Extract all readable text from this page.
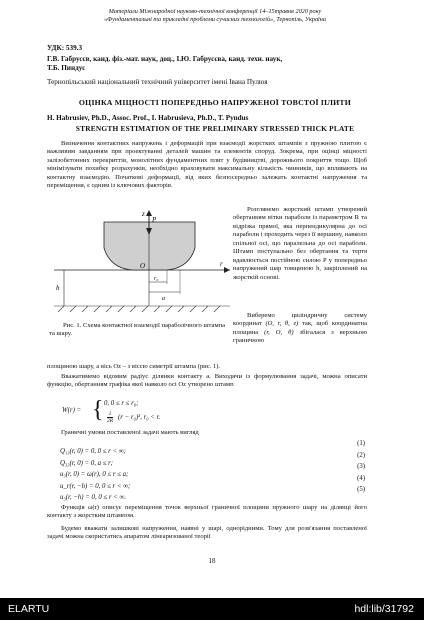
Матеріали Міжнародної науково-технічної конференції 14–15травня 2020 року
«Фундаментальні та прикладні проблеми сучасних технологій», Тернопіль, Україна
УДК: 539.3
Г.В. Габрусєв, канд. фіз.-мат. наук, доц., І.Ю. Габрусєва, канд. техн. наук,
Т.Б. Пиндус
Тернопільський національний технічний університет імені Івана Пулюя
ОЦІНКА МІЦНОСТІ ПОПЕРЕДНЬО НАПРУЖЕНОЇ ТОВСТОЇ ПЛИТИ
H. Habrusiev, Ph.D., Assoc. Prof., I. Habrusieva, Ph.D., T. Pyndus
STRENGTH ESTIMATION OF THE PRELIMINARY STRESSED THICK PLATE
Визначення контактних напружень і деформацій при взаємодії жорстких штампів з пружною плитою є важливим завданням при проектуванні деталей машин та елементів споруд. Зокрема, при оцінці міцності залізобетонних перекриттів, монолітних фундаментних плит у будівництві, дорожнього покриття тощо. Щоб мінімізувати похибку розрахунків, необхідно враховувати максимальну кількість чинників, що впливають на контактну взаємодію. Початкові деформації, від яких безпосередньо залежать контактні напруження та переміщення, є одним із ключових факторів.
P
z
O	r
h
r₀
a
Розглянемо жорсткий штамп утворений обертанням вітки параболи із параметром R та відрізка прямої, яка перпендикулярна до осі параболи і проходить через її вершину, навколо спільної осі, що паралельна до осі параболи. Штамп поступально без обертання та тертя вдавлюється постійною силою P у попередньо напружений шар товщиною h, закріплений на жорсткій основі.
Виберемо циліндричну систему координат (O, r, θ, z) так, щоб координатна площина (r, O, θ) збігалася з верхньою граничною
Рис. 1. Схема контактної взаємодії параболічного штампа та шару.
площиною шару, а вісь Oz – з віссю симетрії штампа (рис. 1).
Вважатимемо відомим радіус ділянки контакту a. Виходячи із формулювання задачі, можна описати функцію, обертанням графіка якої навколо осі Oz утворено штамп
W(r) = { 0, 0 ≤ r ≤ r₀;
$\frac{1}{2R} (r - r_0)^2$, r₀ < r.
Граничні умови поставленої задачі мають вигляд
Q₁₃(r, 0) = 0, 0 ≤ r < ∞;
(1)
Q₃₃(r, 0) = 0, a ≤ r;
(2)
u₃(r, 0) = ω(r), 0 ≤ r ≤ a;
(3)
u_r(r, −h) = 0, 0 ≤ r < ∞;
(4)
u₃(r, −h) = 0, 0 ≤ r < ∞.
(5)
Функція ω(r) описує переміщення точок верхньої граничної площини пружного шару на ділянці його контакту з жорстким штампом.
Будемо вважати залишкові напруження, наявні у шарі, однорідними. Тому для розв'язання поставленої задачі можна скористатись апаратом лінеаризованої теорії
18
ELARTU	hdl:lib/31792
